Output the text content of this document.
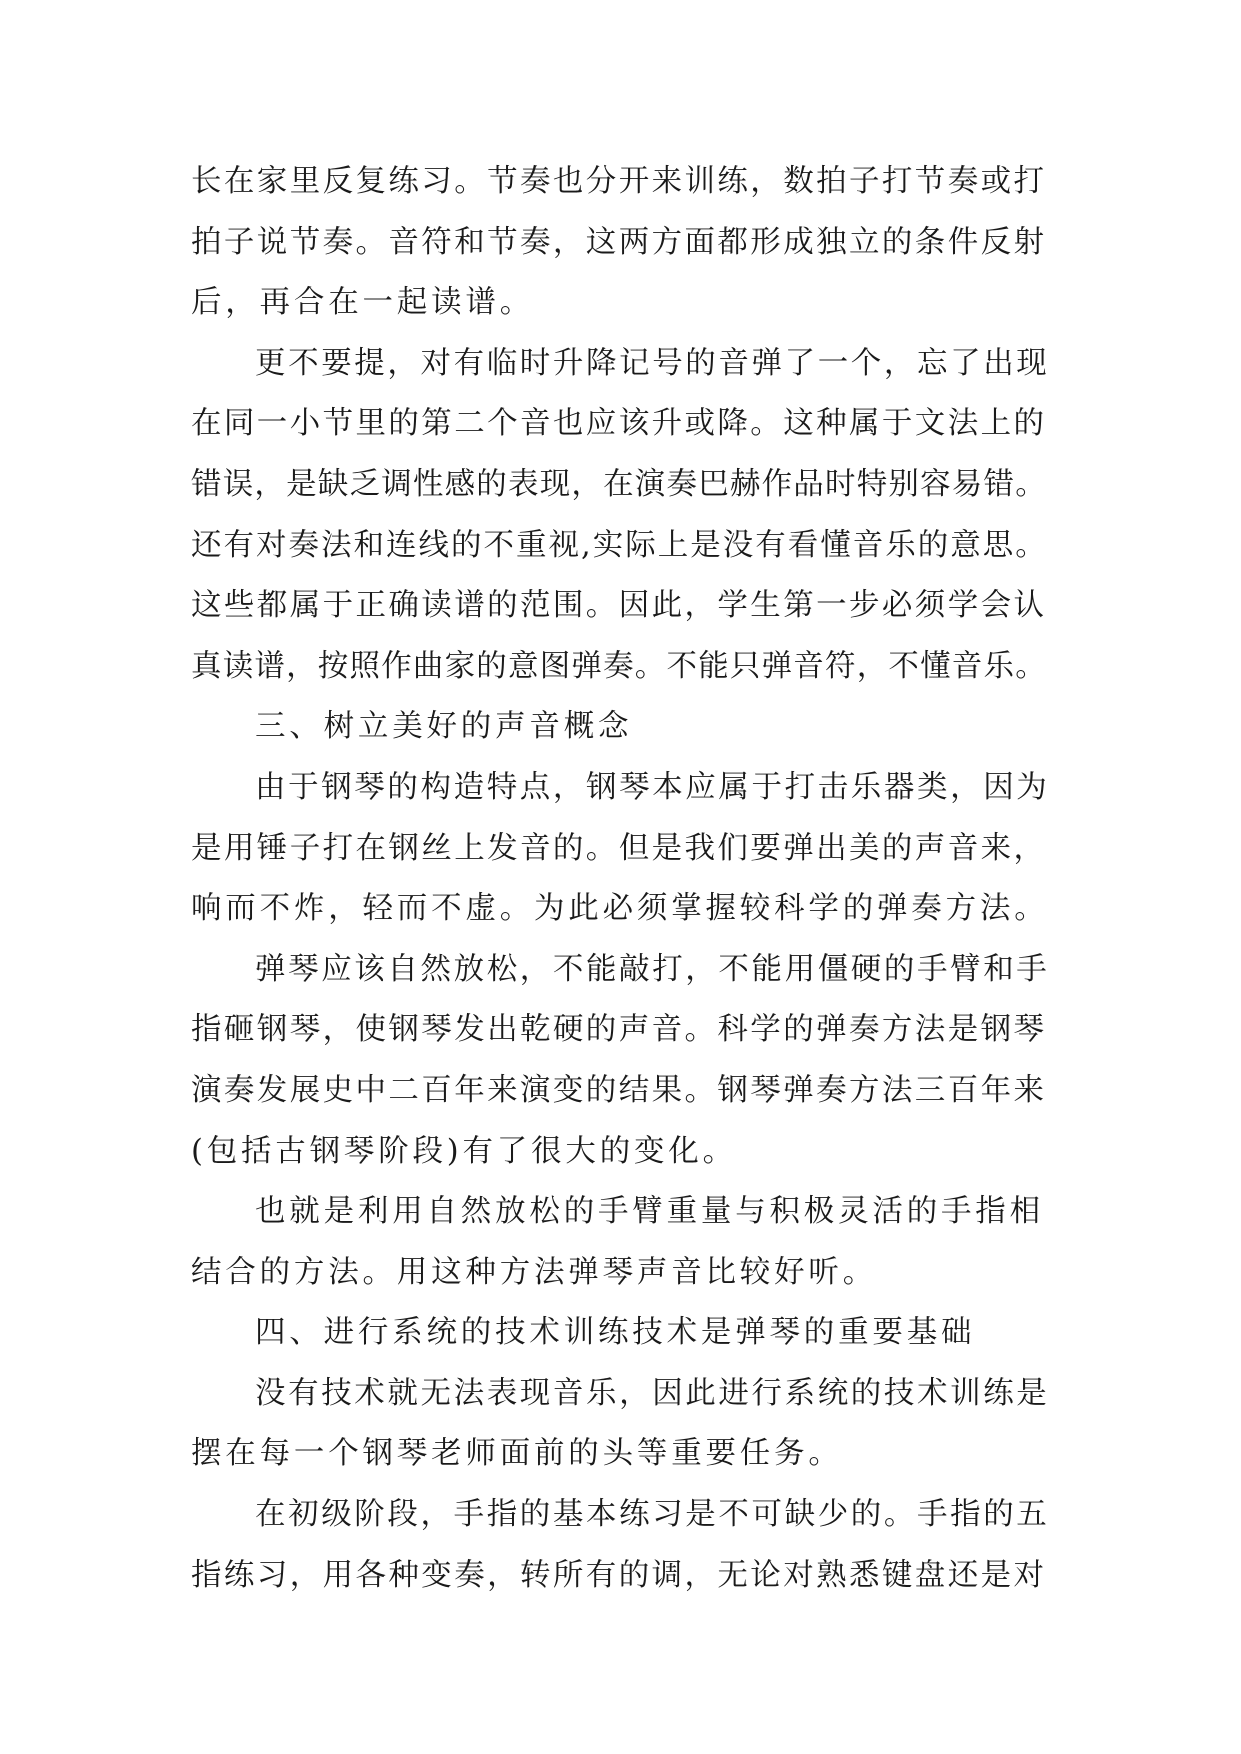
长在家里反复练习。节奏也分开来训练，数拍子打节奏或打
拍子说节奏。音符和节奏，这两方面都形成独立的条件反射
后，再合在一起读谱。
更不要提，对有临时升降记号的音弹了一个，忘了出现
在同一小节里的第二个音也应该升或降。这种属于文法上的
错误，是缺乏调性感的表现，在演奏巴赫作品时特别容易错。
还有对奏法和连线的不重视,实际上是没有看懂音乐的意思。
这些都属于正确读谱的范围。因此，学生第一步必须学会认
真读谱，按照作曲家的意图弹奏。不能只弹音符，不懂音乐。
三、树立美好的声音概念
由于钢琴的构造特点，钢琴本应属于打击乐器类，因为
是用锤子打在钢丝上发音的。但是我们要弹出美的声音来，
响而不炸，轻而不虚。为此必须掌握较科学的弹奏方法。
弹琴应该自然放松，不能敲打，不能用僵硬的手臂和手
指砸钢琴，使钢琴发出乾硬的声音。科学的弹奏方法是钢琴
演奏发展史中二百年来演变的结果。钢琴弹奏方法三百年来
(包括古钢琴阶段)有了很大的变化。
也就是利用自然放松的手臂重量与积极灵活的手指相
结合的方法。用这种方法弹琴声音比较好听。
四、进行系统的技术训练技术是弹琴的重要基础
没有技术就无法表现音乐，因此进行系统的技术训练是
摆在每一个钢琴老师面前的头等重要任务。
在初级阶段，手指的基本练习是不可缺少的。手指的五
指练习，用各种变奏，转所有的调，无论对熟悉键盘还是对
